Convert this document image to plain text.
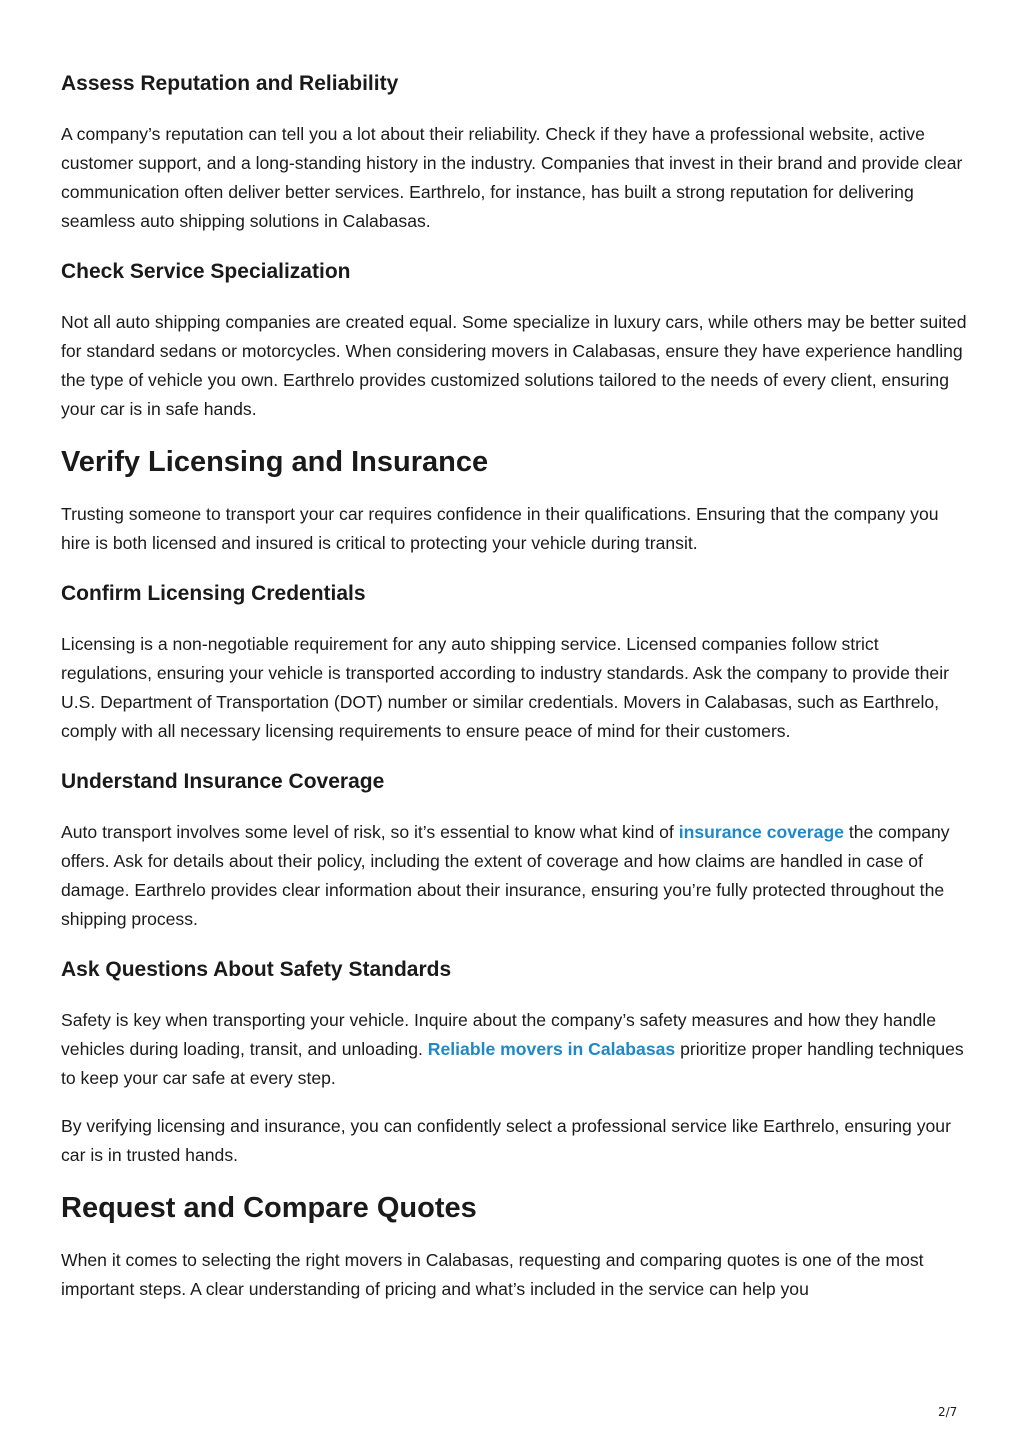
Assess Reputation and Reliability

A company’s reputation can tell you a lot about their reliability. Check if they have a professional website, active customer support, and a long-standing history in the industry. Companies that invest in their brand and provide clear communication often deliver better services. Earthrelo, for instance, has built a strong reputation for delivering seamless auto shipping solutions in Calabasas.

Check Service Specialization

Not all auto shipping companies are created equal. Some specialize in luxury cars, while others may be better suited for standard sedans or motorcycles. When considering movers in Calabasas, ensure they have experience handling the type of vehicle you own. Earthrelo provides customized solutions tailored to the needs of every client, ensuring your car is in safe hands.

Verify Licensing and Insurance

Trusting someone to transport your car requires confidence in their qualifications. Ensuring that the company you hire is both licensed and insured is critical to protecting your vehicle during transit.

Confirm Licensing Credentials

Licensing is a non-negotiable requirement for any auto shipping service. Licensed companies follow strict regulations, ensuring your vehicle is transported according to industry standards. Ask the company to provide their U.S. Department of Transportation (DOT) number or similar credentials. Movers in Calabasas, such as Earthrelo, comply with all necessary licensing requirements to ensure peace of mind for their customers.

Understand Insurance Coverage

Auto transport involves some level of risk, so it’s essential to know what kind of insurance coverage the company offers. Ask for details about their policy, including the extent of coverage and how claims are handled in case of damage. Earthrelo provides clear information about their insurance, ensuring you’re fully protected throughout the shipping process.

Ask Questions About Safety Standards

Safety is key when transporting your vehicle. Inquire about the company’s safety measures and how they handle vehicles during loading, transit, and unloading. Reliable movers in Calabasas prioritize proper handling techniques to keep your car safe at every step.

By verifying licensing and insurance, you can confidently select a professional service like Earthrelo, ensuring your car is in trusted hands.

Request and Compare Quotes

When it comes to selecting the right movers in Calabasas, requesting and comparing quotes is one of the most important steps. A clear understanding of pricing and what’s included in the service can help you

2/7
